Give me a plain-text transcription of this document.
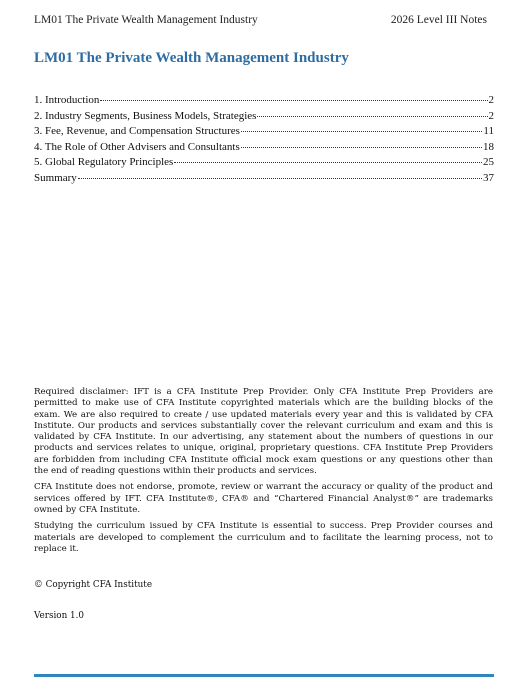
LM01 The Private Wealth Management Industry	2026 Level III Notes
LM01 The Private Wealth Management Industry
1. Introduction	2
2. Industry Segments, Business Models, Strategies	2
3. Fee, Revenue, and Compensation Structures	11
4. The Role of Other Advisers and Consultants	18
5. Global Regulatory Principles	25
Summary	37

Required disclaimer: IFT is a CFA Institute Prep Provider. Only CFA Institute Prep Providers are permitted to make use of CFA Institute copyrighted materials which are the building blocks of the exam. We are also required to create / use updated materials every year and this is validated by CFA Institute. Our products and services substantially cover the relevant curriculum and exam and this is validated by CFA Institute. In our advertising, any statement about the numbers of questions in our products and services relates to unique, original, proprietary questions. CFA Institute Prep Providers are forbidden from including CFA Institute official mock exam questions or any questions other than the end of reading questions within their products and services.

CFA Institute does not endorse, promote, review or warrant the accuracy or quality of the product and services offered by IFT. CFA Institute®, CFA® and “Chartered Financial Analyst®” are trademarks owned by CFA Institute.

Studying the curriculum issued by CFA Institute is essential to success. Prep Provider courses and materials are developed to complement the curriculum and to facilitate the learning process, not to replace it.

© Copyright CFA Institute
Version 1.0
